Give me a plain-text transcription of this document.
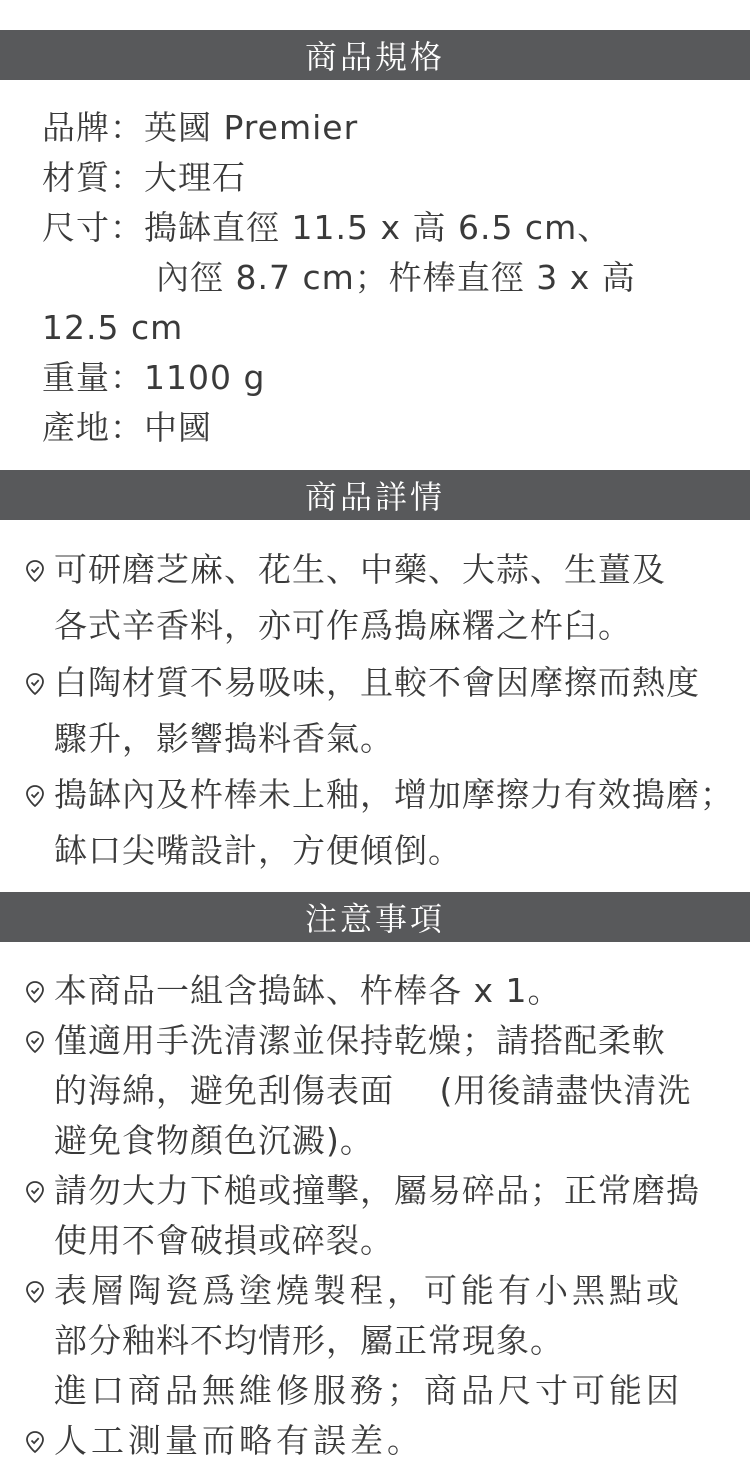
商品規格
品牌：英國 Premier
材質：大理石
尺寸：搗缽直徑 11.5 x 高 6.5 cm、
內徑 8.7 cm；杵棒直徑 3 x 高
12.5 cm
重量：1100 g
產地：中國
商品詳情
可研磨芝麻、花生、中藥、大蒜、生薑及
各式辛香料，亦可作爲搗麻糬之杵臼。
白陶材質不易吸味，且較不會因摩擦而熱度
驟升，影響搗料香氣。
搗缽內及杵棒未上釉，增加摩擦力有效搗磨；
缽口尖嘴設計，方便傾倒。
注意事項
本商品一組含搗缽、杵棒各 x 1。
僅適用手洗清潔並保持乾燥；請搭配柔軟
的海綿，避免刮傷表面　 (用後請盡快清洗
避免食物顏色沉澱)。
請勿大力下槌或撞擊，屬易碎品；正常磨搗
使用不會破損或碎裂。
表層陶瓷爲塗燒製程，可能有小黑點或
部分釉料不均情形，屬正常現象。
進口商品無維修服務；商品尺寸可能因
人工測量而略有誤差。
